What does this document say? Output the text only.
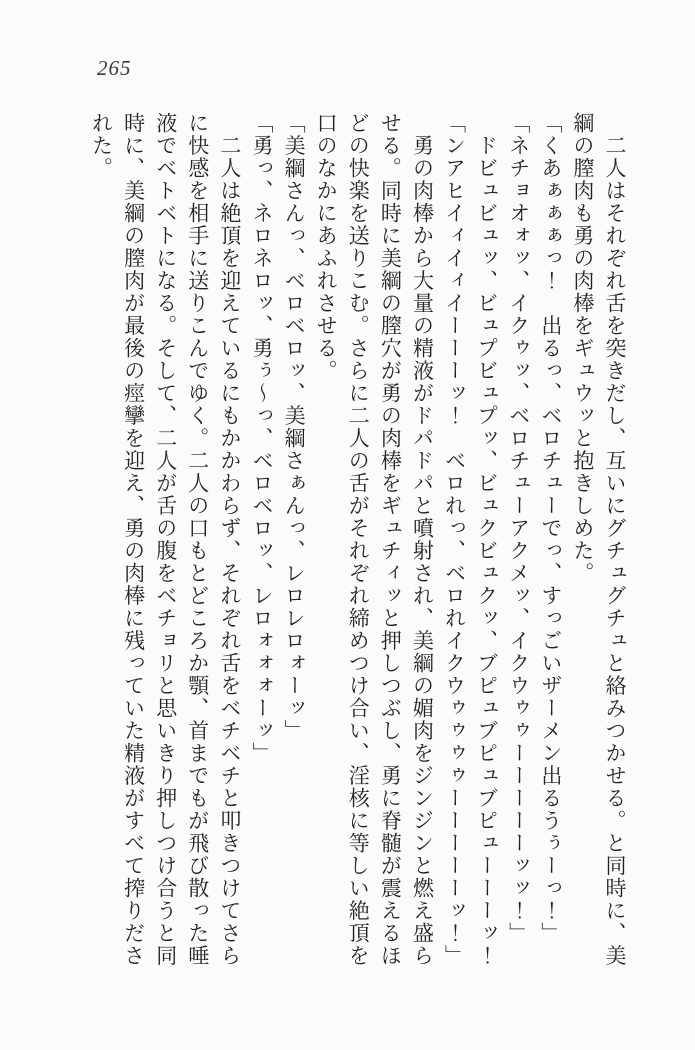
265

　二人はそれぞれ舌を突きだし、互いにグチュグチュと絡みつかせる。と同時に、美

綱の膣肉も勇の肉棒をギュウッと抱きしめた。

「くあぁぁぁっ！　出るっ、ベロチューでっ、すっごいザーメン出るうぅーっ！」

「ネチョオォッ、イクゥッ、ベロチューアクメッ、イクウゥゥーーーーーッッ！」

　ドビュビュッ、ビュプビュプッ、ビュクビュクッ、ブピュブピュブピューーーッ！

「ンアヒイィイィイーーーッ！　ベロれっ、ベロれイクウゥゥゥゥーーーーーッ！」

　勇の肉棒から大量の精液がドパドパと噴射され、美綱の媚肉をジンジンと燃え盛ら

せる。同時に美綱の膣穴が勇の肉棒をギュチィッと押しつぶし、勇に脊髄が震えるほ

どの快楽を送りこむ。さらに二人の舌がそれぞれ締めつけ合い、淫核に等しい絶頂を

口のなかにあふれさせる。

「美綱さんっ、ベロベロッ、美綱さぁんっ、レロレロォーッ」

「勇っ、ネロネロッ、勇ぅ～っ、ベロベロッ、レロォォォーッ」

　二人は絶頂を迎えているにもかかわらず、それぞれ舌をベチベチと叩きつけてさら

に快感を相手に送りこんでゆく。二人の口もとどころか顎、首までもが飛び散った唾

液でベトベトになる。そして、二人が舌の腹をベチョリと思いきり押しつけ合うと同

時に、美綱の膣肉が最後の痙攣を迎え、勇の肉棒に残っていた精液がすべて搾りださ

れた。
